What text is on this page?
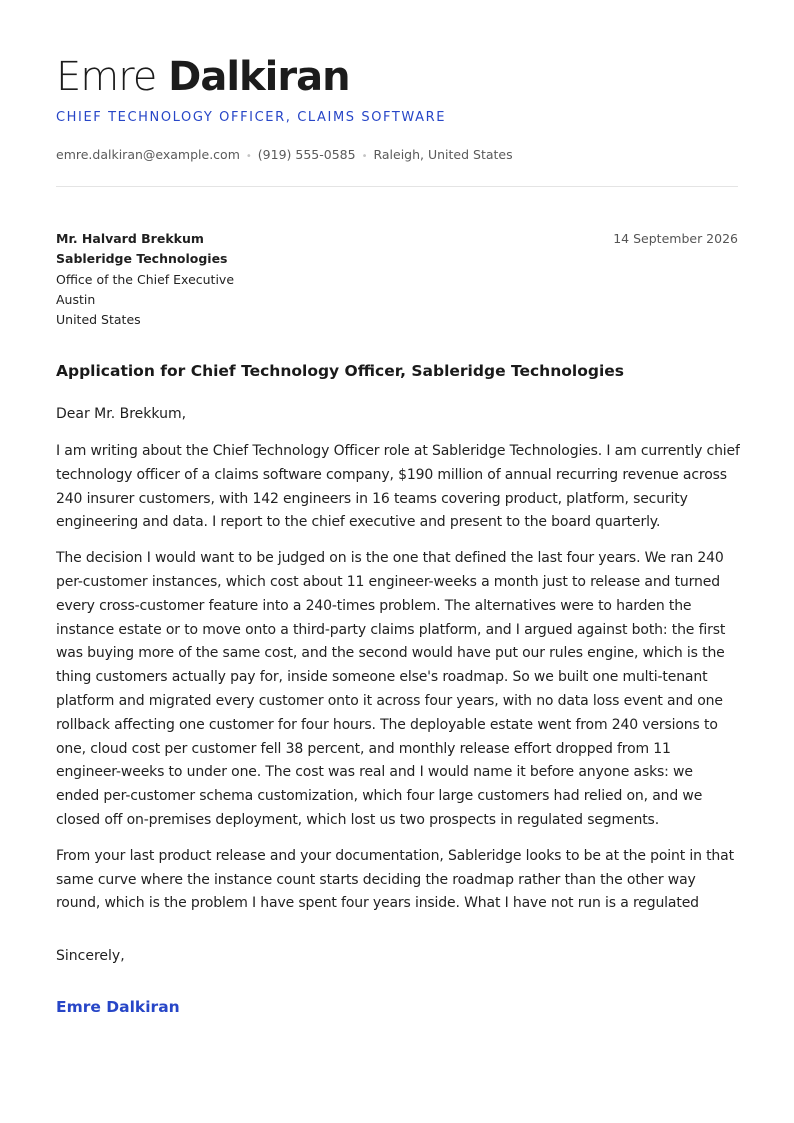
Emre Dalkiran
CHIEF TECHNOLOGY OFFICER, CLAIMS SOFTWARE
emre.dalkiran@example.com • (919) 555-0585 • Raleigh, United States
Mr. Halvard Brekkum
Sableridge Technologies
Office of the Chief Executive
Austin
United States
14 September 2026
Application for Chief Technology Officer, Sableridge Technologies
Dear Mr. Brekkum,

I am writing about the Chief Technology Officer role at Sableridge Technologies. I am currently chief technology officer of a claims software company, $190 million of annual recurring revenue across 240 insurer customers, with 142 engineers in 16 teams covering product, platform, security engineering and data. I report to the chief executive and present to the board quarterly.

The decision I would want to be judged on is the one that defined the last four years. We ran 240 per-customer instances, which cost about 11 engineer-weeks a month just to release and turned every cross-customer feature into a 240-times problem. The alternatives were to harden the instance estate or to move onto a third-party claims platform, and I argued against both: the first was buying more of the same cost, and the second would have put our rules engine, which is the thing customers actually pay for, inside someone else's roadmap. So we built one multi-tenant platform and migrated every customer onto it across four years, with no data loss event and one rollback affecting one customer for four hours. The deployable estate went from 240 versions to one, cloud cost per customer fell 38 percent, and monthly release effort dropped from 11 engineer-weeks to under one. The cost was real and I would name it before anyone asks: we ended per-customer schema customization, which four large customers had relied on, and we closed off on-premises deployment, which lost us two prospects in regulated segments.

From your last product release and your documentation, Sableridge looks to be at the point in that same curve where the instance count starts deciding the roadmap rather than the other way round, which is the problem I have spent four years inside. What I have not run is a regulated

Sincerely,
Emre Dalkiran
